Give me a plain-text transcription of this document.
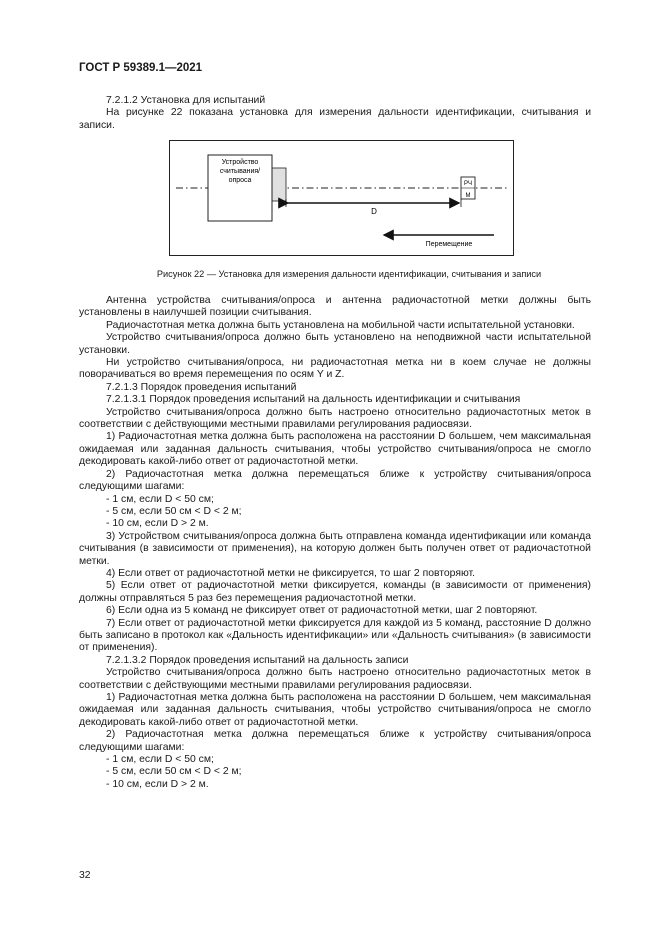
ГОСТ Р 59389.1—2021

7.2.1.2 Установка для испытаний

На рисунке 22 показана установка для измерения дальности идентификации, считывания и записи.

Устройство
считывания/
опроса	РЧ
М
D
Перемещение
Рисунок 22 — Установка для измерения дальности идентификации, считывания и записи

Антенна устройства считывания/опроса и антенна радиочастотной метки должны быть установлены в наилучшей позиции считывания.

Радиочастотная метка должна быть установлена на мобильной части испытательной установки.

Устройство считывания/опроса должно быть установлено на неподвижной части испытательной установки.

Ни устройство считывания/опроса, ни радиочастотная метка ни в коем случае не должны поворачиваться во время перемещения по осям Y и Z.

7.2.1.3 Порядок проведения испытаний

7.2.1.3.1 Порядок проведения испытаний на дальность идентификации и считывания

Устройство считывания/опроса должно быть настроено относительно радиочастотных меток в соответствии с действующими местными правилами регулирования радиосвязи.

1) Радиочастотная метка должна быть расположена на расстоянии D большем, чем максимальная ожидаемая или заданная дальность считывания, чтобы устройство считывания/опроса не смогло декодировать какой-либо ответ от радиочастотной метки.

2) Радиочастотная метка должна перемещаться ближе к устройству считывания/опроса следующими шагами:

- 1 см, если D < 50 см;

- 5 см, если 50 см < D < 2 м;

- 10 см, если D > 2 м.

3) Устройством считывания/опроса должна быть отправлена команда идентификации или команда считывания (в зависимости от применения), на которую должен быть получен ответ от радиочастотной метки.

4) Если ответ от радиочастотной метки не фиксируется, то шаг 2 повторяют.

5) Если ответ от радиочастотной метки фиксируется, команды (в зависимости от применения) должны отправляться 5 раз без перемещения радиочастотной метки.

6) Если одна из 5 команд не фиксирует ответ от радиочастотной метки, шаг 2 повторяют.

7) Если ответ от радиочастотной метки фиксируется для каждой из 5 команд, расстояние D должно быть записано в протокол как «Дальность идентификации» или «Дальность считывания» (в зависимости от применения).

7.2.1.3.2 Порядок проведения испытаний на дальность записи

Устройство считывания/опроса должно быть настроено относительно радиочастотных меток в соответствии с действующими местными правилами регулирования радиосвязи.

1) Радиочастотная метка должна быть расположена на расстоянии D большем, чем максимальная ожидаемая или заданная дальность считывания, чтобы устройство считывания/опроса не смогло декодировать какой-либо ответ от радиочастотной метки.

2) Радиочастотная метка должна перемещаться ближе к устройству считывания/опроса следующими шагами:

- 1 см, если D < 50 см;

- 5 см, если 50 см < D < 2 м;

- 10 см, если D > 2 м.

32
